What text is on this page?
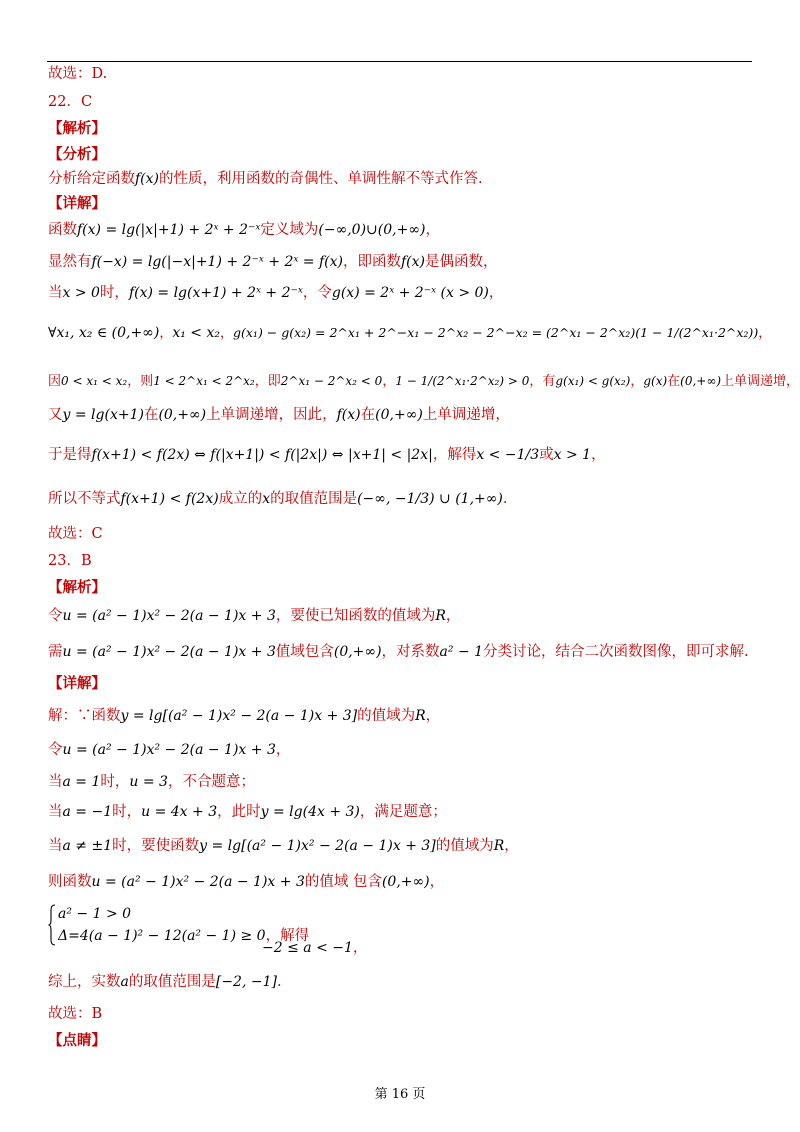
故选：D.
22．C
【解析】
【分析】
分析给定函数f(x)的性质，利用函数的奇偶性、单调性解不等式作答.
【详解】
函数f(x) = lg(|x|+1) + 2ˣ + 2⁻ˣ定义域为(−∞,0)∪(0,+∞)，
显然有f(−x) = lg(|−x|+1) + 2⁻ˣ + 2ˣ = f(x)，即函数f(x)是偶函数，
当x > 0时，f(x) = lg(x+1) + 2ˣ + 2⁻ˣ，令g(x) = 2ˣ + 2⁻ˣ (x > 0)，
∀x₁, x₂ ∈ (0,+∞)，x₁ < x₂，g(x₁) − g(x₂) = 2^x₁ + 2^−x₁ − 2^x₂ − 2^−x₂ = (2^x₁ − 2^x₂)(1 − 1/(2^x₁·2^x₂))，
因0 < x₁ < x₂，则1 < 2^x₁ < 2^x₂，即2^x₁ − 2^x₂ < 0，1 − 1/(2^x₁·2^x₂) > 0，有g(x₁) < g(x₂)，g(x)在(0,+∞)上单调递增，
又y = lg(x+1)在(0,+∞)上单调递增，因此，f(x)在(0,+∞)上单调递增，
于是得f(x+1) < f(2x) ⇔ f(|x+1|) < f(|2x|) ⇔ |x+1| < |2x|，解得x < −1/3或x > 1，
所以不等式f(x+1) < f(2x)成立的x的取值范围是(−∞, −1/3) ∪ (1,+∞).
故选：C
23．B
【解析】
令u = (a² − 1)x² − 2(a − 1)x + 3，要使已知函数的值域为R，
需u = (a² − 1)x² − 2(a − 1)x + 3值域包含(0,+∞)，对系数a² − 1分类讨论，结合二次函数图像，即可求解.
【详解】
解：∵函数y = lg[(a² − 1)x² − 2(a − 1)x + 3]的值域为R，
令u = (a² − 1)x² − 2(a − 1)x + 3，
当a = 1时，u = 3，不合题意；
当a = −1时，u = 4x + 3，此时y = lg(4x + 3)，满足题意；
当a ≠ ±1时，要使函数y = lg[(a² − 1)x² − 2(a − 1)x + 3]的值域为R，
则函数u = (a² − 1)x² − 2(a − 1)x + 3的值域 包含(0,+∞)，
a² − 1 > 0
Δ=4(a − 1)² − 12(a² − 1) ≥ 0，解得
−2 ≤ a < −1，
综上，实数a的取值范围是[−2, −1].
故选：B
【点睛】
第 16 页
